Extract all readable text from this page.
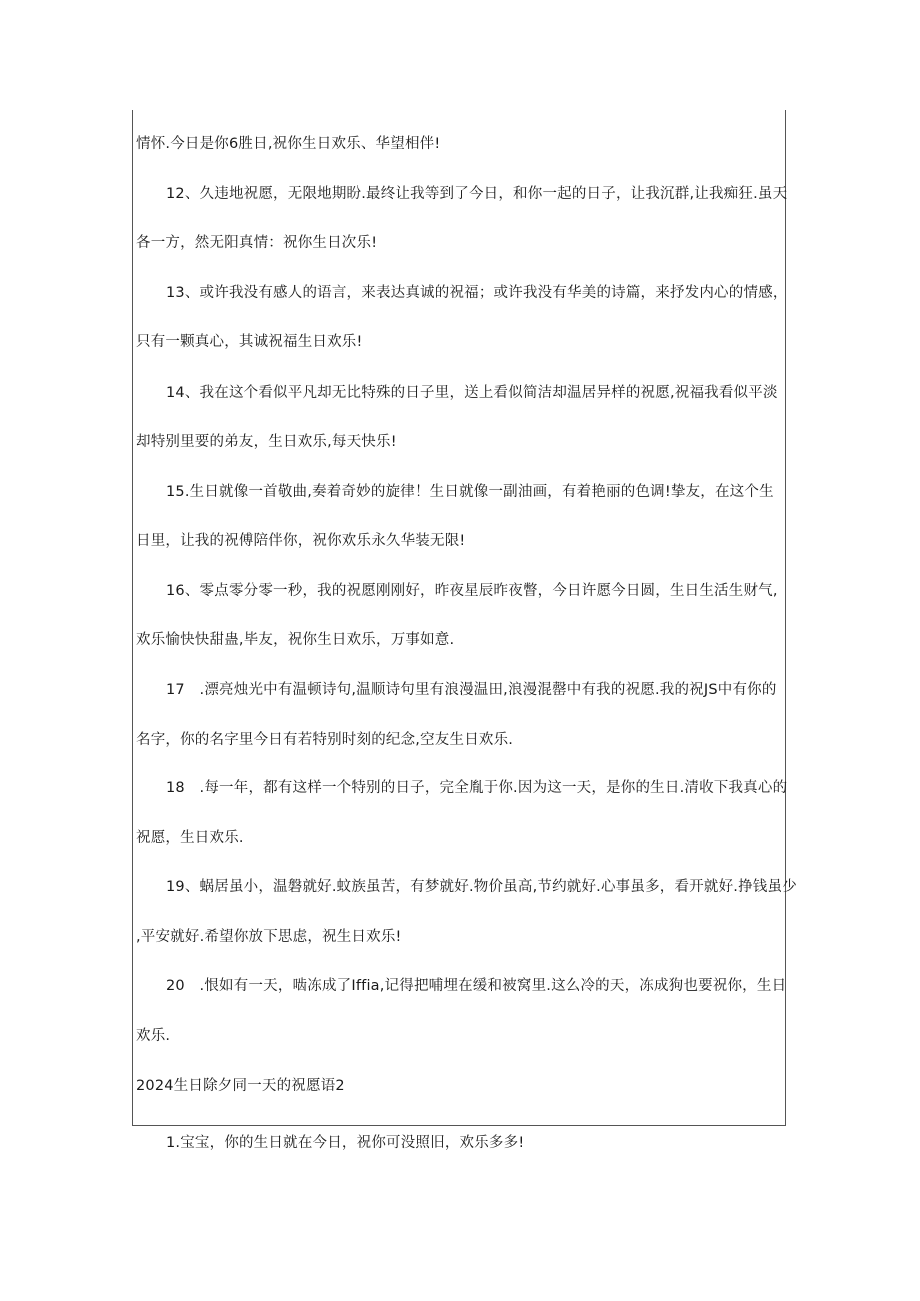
情怀.今日是你6胜日,祝你生日欢乐、华望相伴!
12、久违地祝愿，无限地期盼.最终让我等到了今日，和你一起的日子，让我沉群,让我痴狂.虽天
各一方，然无阳真情：祝你生日次乐!
13、或许我没有感人的语言，来表达真诚的祝福；或许我没有华美的诗篇，来抒发内心的情感，
只有一颗真心，其诚祝福生日欢乐!
14、我在这个看似平凡却无比特殊的日子里，送上看似简洁却温居异样的祝愿,祝福我看似平淡
却特别里要的弟友，生日欢乐,每天快乐!
15.生日就像一首敬曲,奏着奇妙的旋律！生日就像一副油画，有着艳丽的色调!挚友，在这个生
日里，让我的祝傅陪伴你，祝你欢乐永久华装无限!
16、零点零分零一秒，我的祝愿刚刚好，昨夜星辰昨夜瞥，今日许愿今日圆，生日生活生财气,
欢乐愉快快甜蛊,毕友，祝你生日欢乐，万事如意.
17　.漂亮烛光中有温顿诗句,温顺诗句里有浪漫温田,浪漫混罄中有我的祝愿.我的祝JS中有你的
名字，你的名字里今日有若特别时刻的纪念,空友生日欢乐.
18　.每一年，都有这样一个特别的日子，完全胤于你.因为这一天，是你的生日.清收下我真心的
祝愿，生日欢乐.
19、蜗居虽小，温磐就好.蚊族虽苦，有梦就好.物价虽高,节约就好.心事虽多，看开就好.挣钱虽少
,平安就好.希望你放下思虑，祝生日欢乐!
20　.恨如有一天，啮冻成了Iffia,记得把哺埋在缓和被窝里.这么冷的天，冻成狗也要祝你，生日
欢乐.
2024生日除夕同一天的祝愿语2
1.宝宝，你的生日就在今日，祝你可没照旧，欢乐多多!
